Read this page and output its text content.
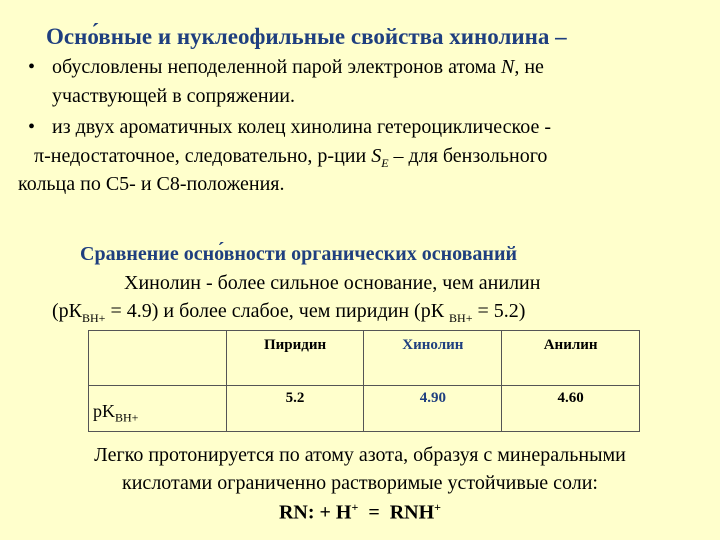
Осно́вные и нуклеофильные свойства хинолина –
• обусловлены неподеленной парой электронов атома N, не
участвующей в сопряжении.
• из двух ароматичных колец хинолина гетероциклическое -
π-недостаточное, следовательно, р-ции $S_E$ – для бензольного
кольца по С5- и С8-положения.
Сравнение осно́вности органических оснований
Хинолин - более сильное основание, чем анилин
$(рК_{ВН+} = 4.9)$ и более слабое, чем пиридин (рК $_{ВН+}$ = 5.2)
	Пиридин	Хинолин	Анилин
$pK_{BH+}$	5.2	4.90	4.60
Легко протонируется по атому азота, образуя с минеральными
кислотами ограниченно растворимые устойчивые соли:
RN: + H+  =  RNH+
